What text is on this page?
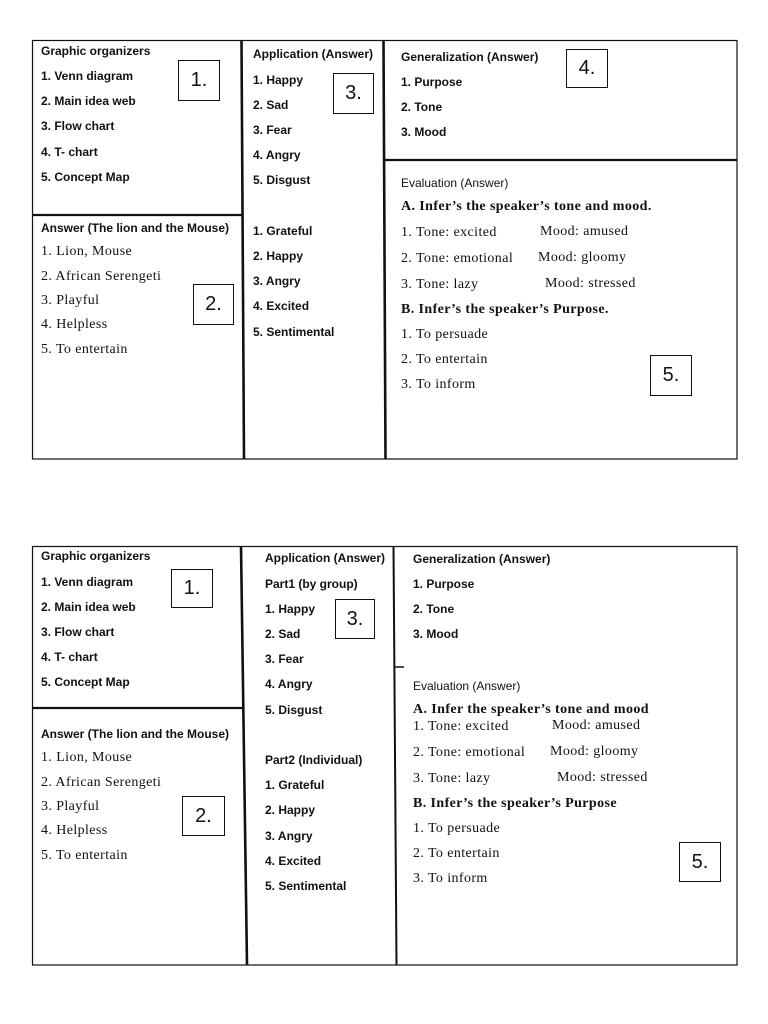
Graphic organizers
1. Venn diagram
2. Main idea web
3. Flow chart
4. T- chart
5. Concept Map
1.
Answer (The lion and the Mouse)
1. Lion, Mouse
2. African Serengeti
3. Playful
4. Helpless
5. To entertain
2.
Application (Answer)
1. Happy
2. Sad
3. Fear
4. Angry
5. Disgust
1. Grateful
2. Happy
3. Angry
4. Excited
5. Sentimental
3.
Generalization (Answer)
1. Purpose
2. Tone
3. Mood
4.
Evaluation (Answer)
A. Infer’s the speaker’s tone and mood.
1. Tone: excited	Mood: amused
2. Tone: emotional Mood: gloomy
3. Tone: lazy	Mood: stressed
B. Infer’s the speaker’s Purpose.
1. To persuade
2. To entertain
3. To inform	5.
Graphic organizers
1. Venn diagram
2. Main idea web
3. Flow chart
4. T- chart
5. Concept Map
1.
Answer (The lion and the Mouse)
1. Lion, Mouse
2. African Serengeti
3. Playful
4. Helpless
5. To entertain
2.
Application (Answer)
Part1 (by group)
1. Happy
2. Sad
3. Fear
4. Angry
5. Disgust
Part2 (Individual)
1. Grateful
2. Happy
3. Angry
4. Excited
5. Sentimental
3.
Generalization (Answer)
1. Purpose
2. Tone
3. Mood
Evaluation (Answer)
A. Infer the speaker’s tone and mood
1. Tone: excited	Mood: amused
2. Tone: emotional Mood: gloomy
3. Tone: lazy	Mood: stressed
B. Infer’s the speaker’s Purpose
1. To persuade
2. To entertain
3. To inform
5.
